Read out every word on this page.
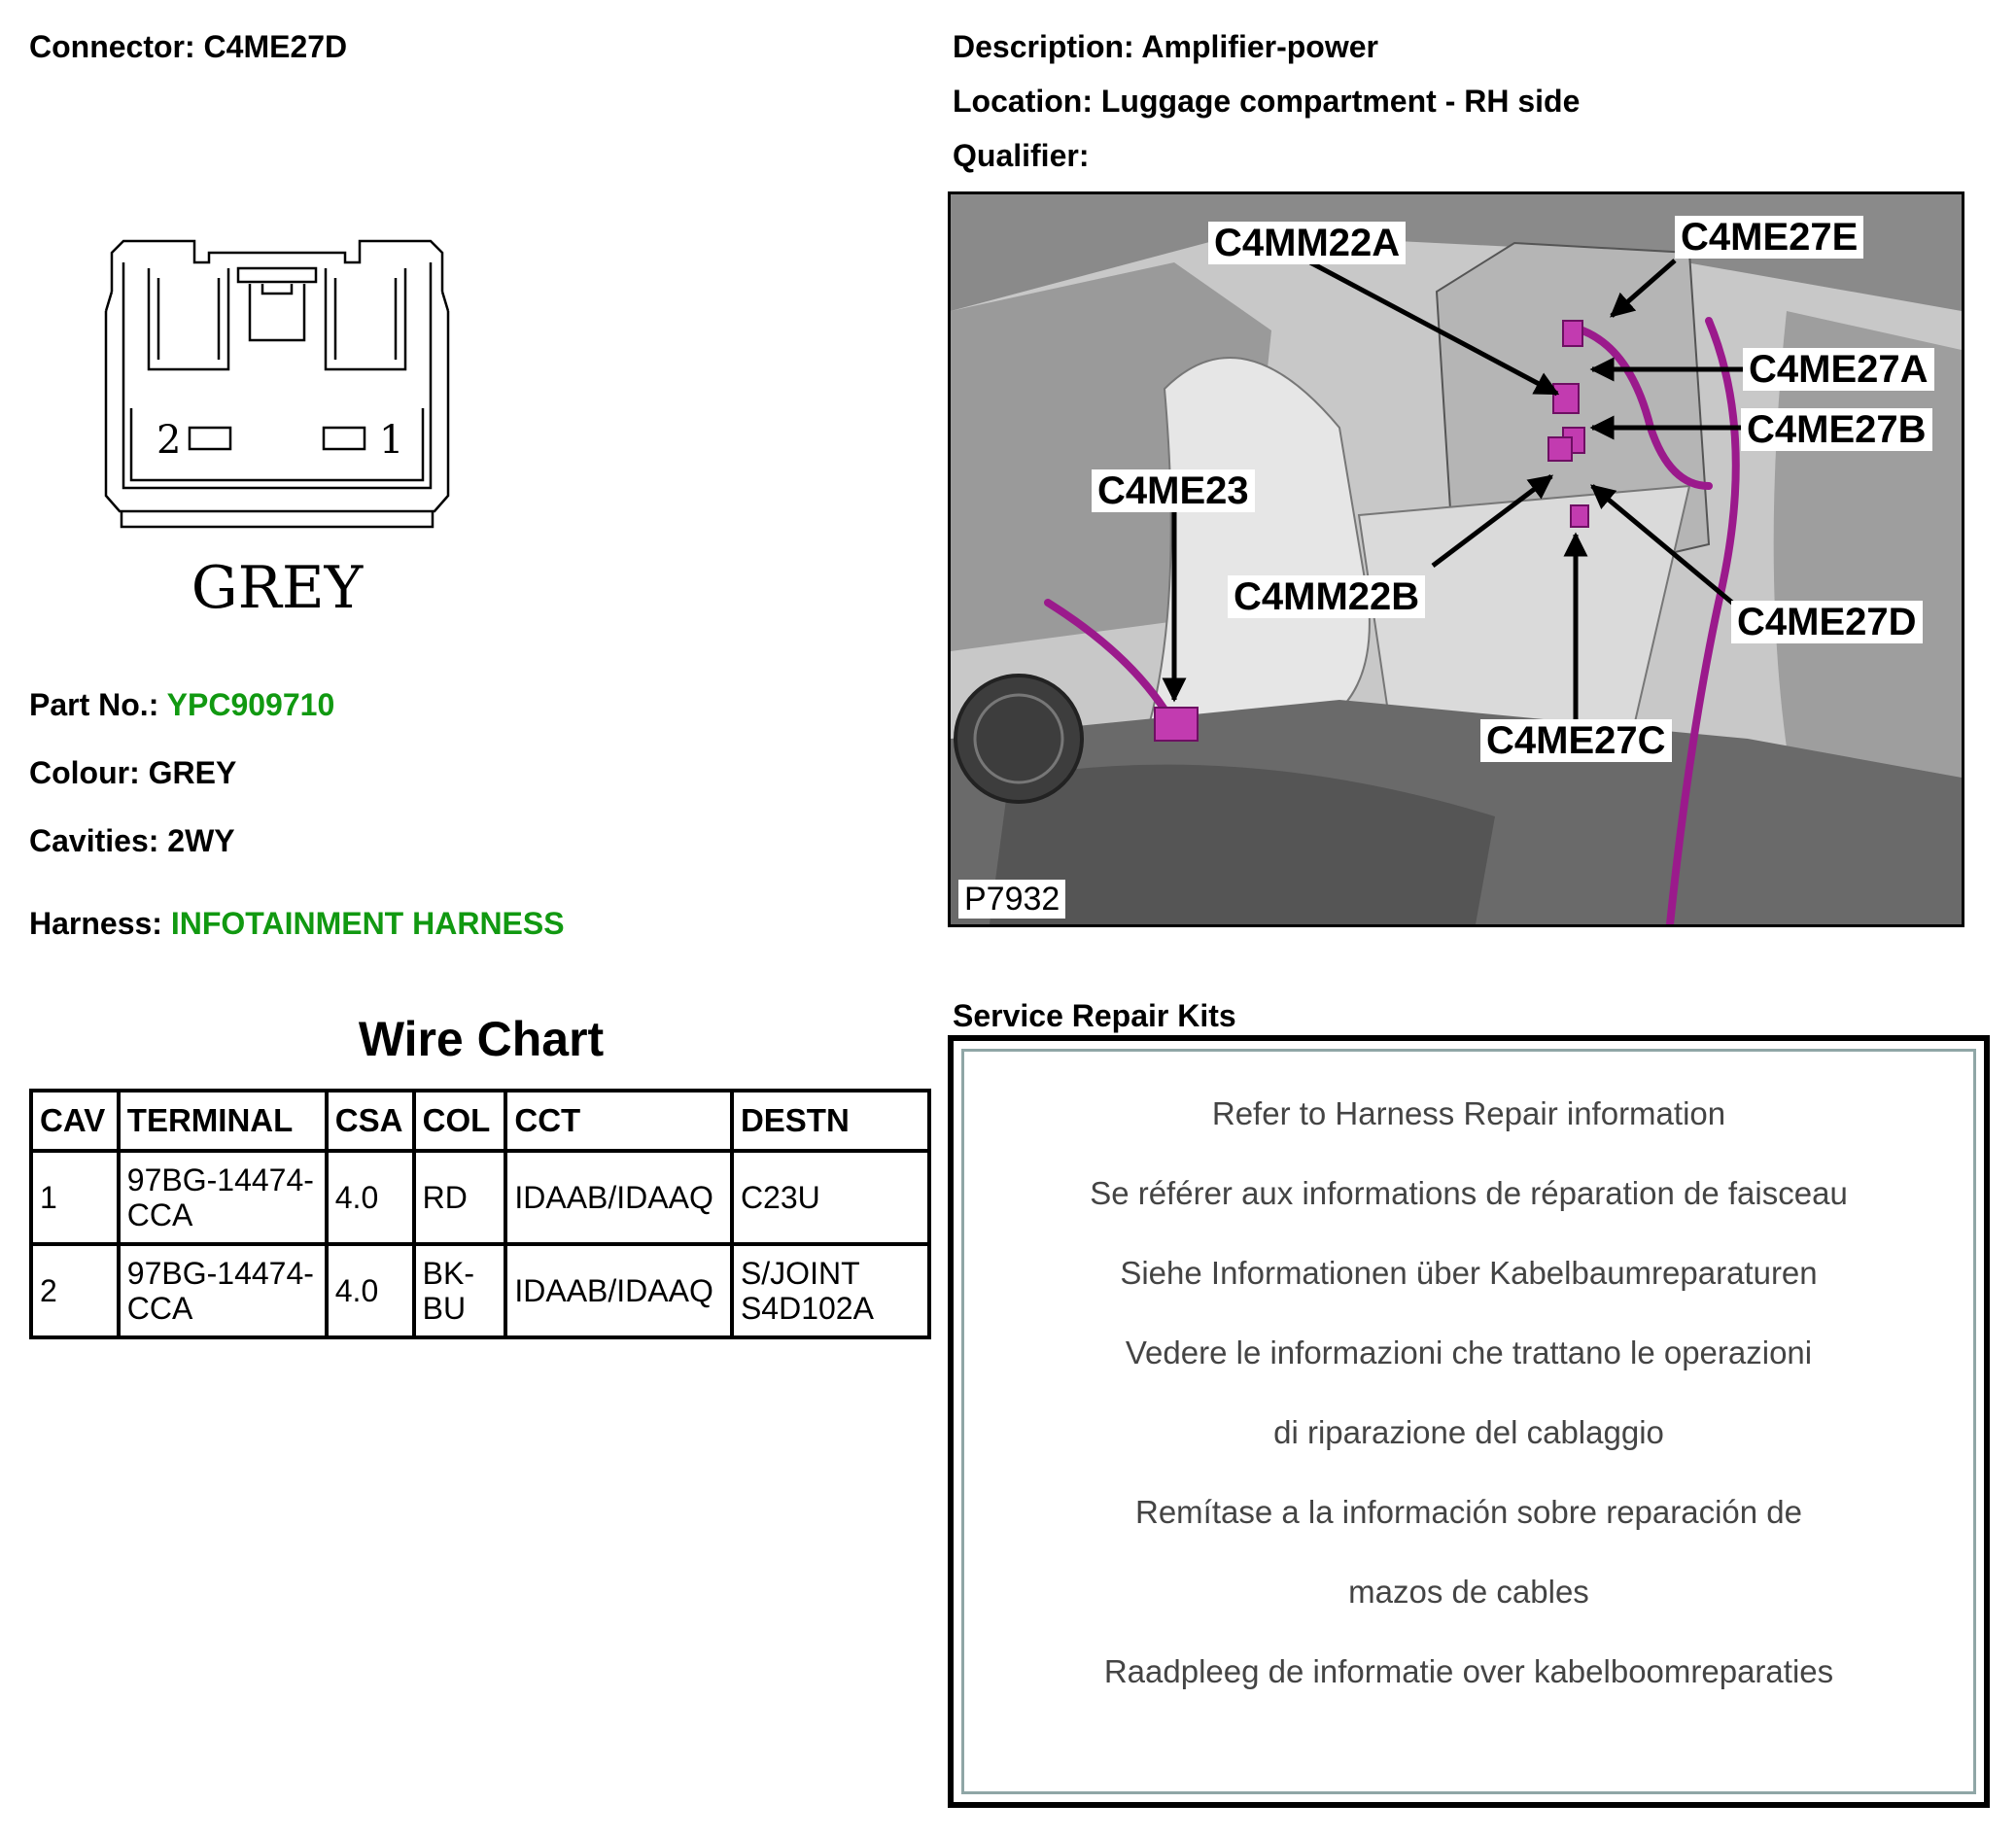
Connector: C4ME27D	Description: Amplifier-power
Location: Luggage compartment - RH side
Qualifier:
2	1
GREY
Part No.: YPC909710
Colour: GREY
Cavities: 2WY
Harness: INFOTAINMENT HARNESS
Wire Chart
CAV	TERMINAL	CSA	COL	CCT	DESTN
1	97BG-14474-CCA	4.0	RD	IDAAB/IDAAQ	C23U
2	97BG-14474-CCA	4.0	BK-BU	IDAAB/IDAAQ	S/JOINT S4D102A
C4MM22A	C4ME27E
C4ME27A
C4ME27B
C4ME23
C4MM22B
C4ME27D
C4ME27C
P7932
Service Repair Kits
Refer to Harness Repair information
Se référer aux informations de réparation de faisceau
Siehe Informationen über Kabelbaumreparaturen
Vedere le informazioni che trattano le operazioni
di riparazione del cablaggio
Remítase a la información sobre reparación de
mazos de cables
Raadpleeg de informatie over kabelboomreparaties
